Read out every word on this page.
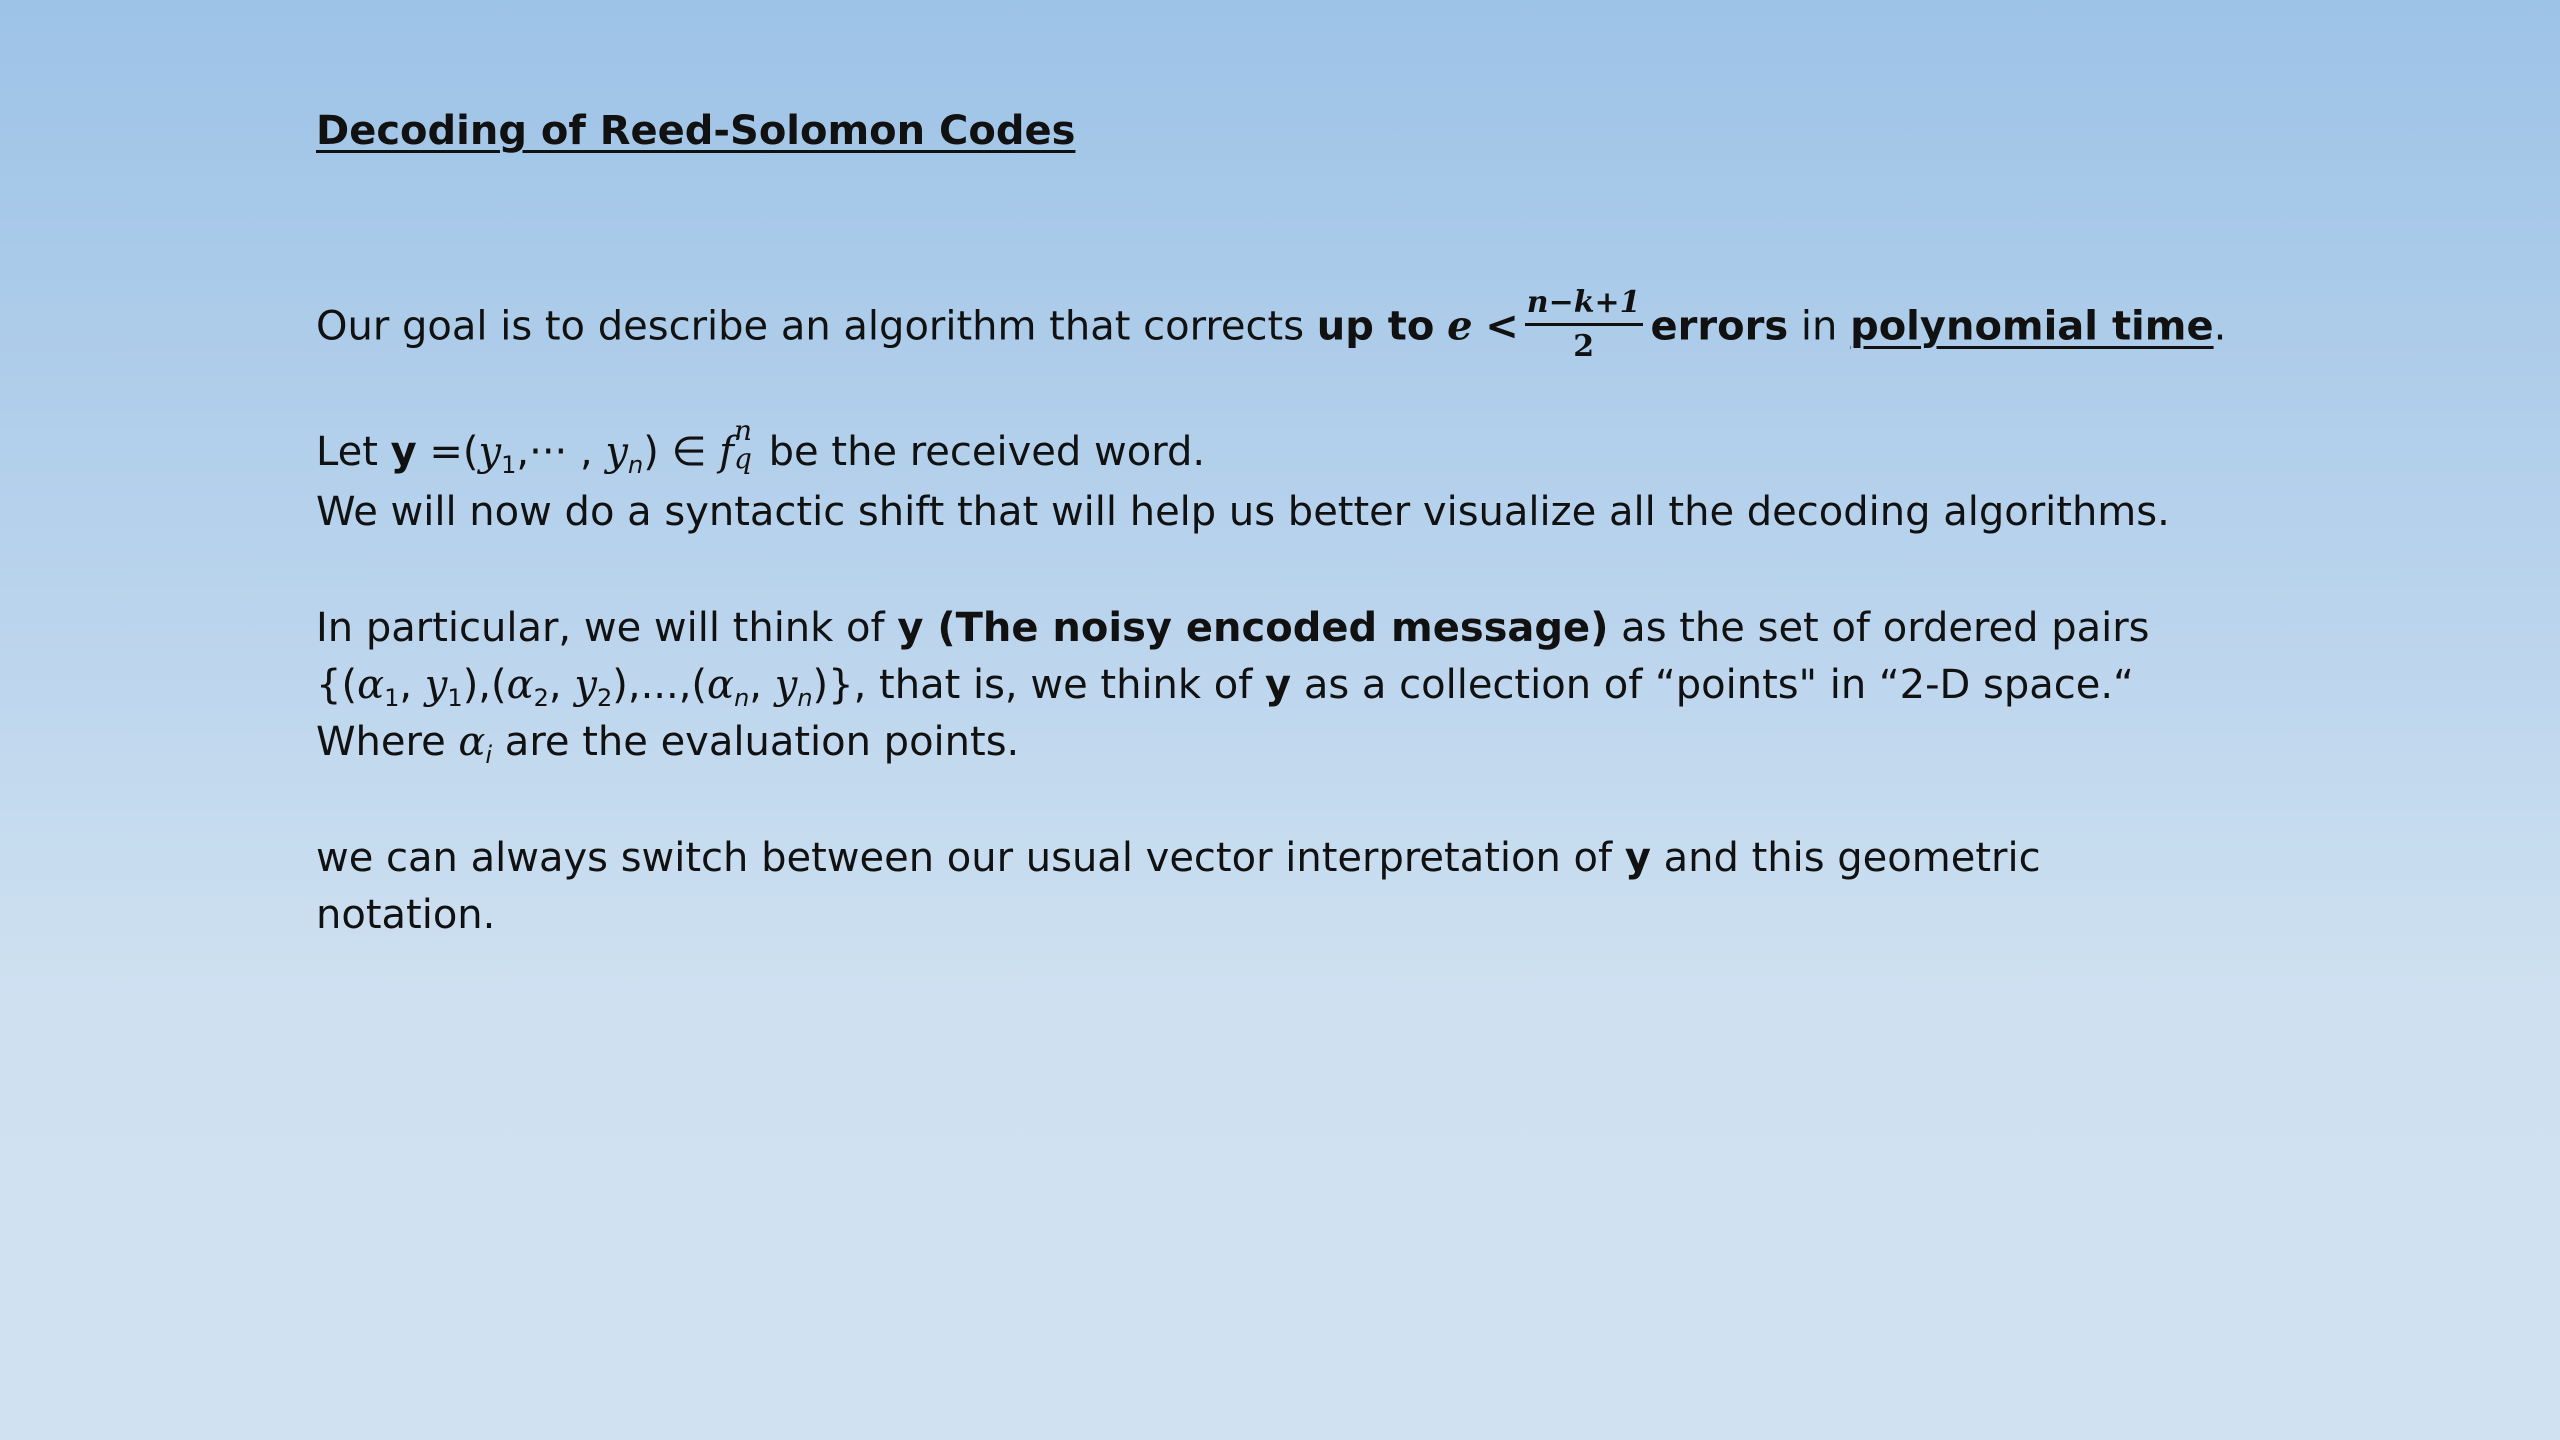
Decoding of Reed-Solomon Codes
Our goal is to describe an algorithm that corrects up to $e < \frac{n-k+1}{2}$ errors in polynomial time.
Let $y =(y_1,\cdot\cdot\cdot$ , $y_n$) ∈ f n
q be the received word.
We will now do a syntactic shift that will help us better visualize all the decoding algorithms.
In particular, we will think of y (The noisy encoded message) as the set of ordered pairs
{($\alpha_1$, $y_1),(\alpha_2$, $y_2),...,(\alpha_n$, $y_n$)}, that is, we think of y as a collection of “points" in “2-D space.“
Where $\alpha_i$ are the evaluation points.
we can always switch between our usual vector interpretation of y and this geometric
notation.
